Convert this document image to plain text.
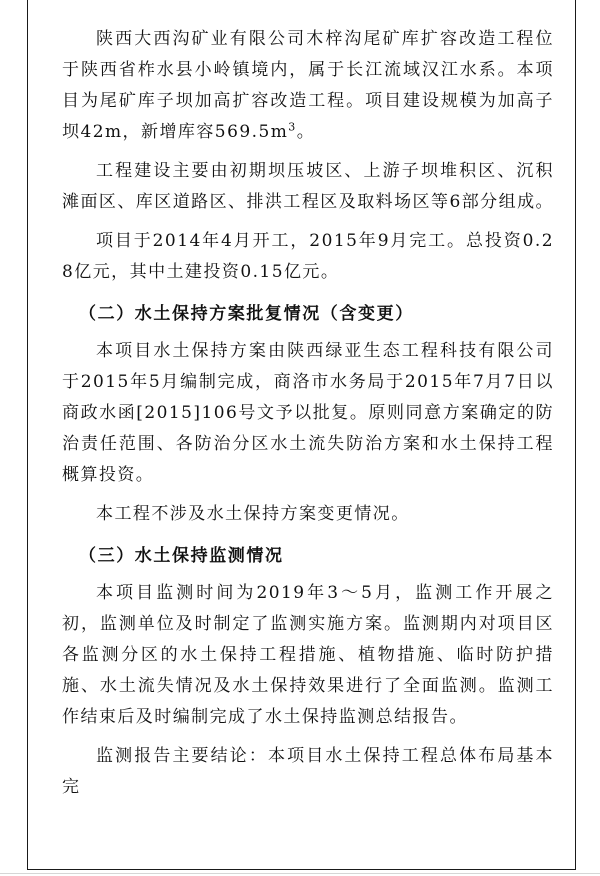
陕西大西沟矿业有限公司木梓沟尾矿库扩容改造工程位于陕西省柞水县小岭镇境内，属于长江流域汉江水系。本项目为尾矿库子坝加高扩容改造工程。项目建设规模为加高子坝42m，新增库容$569.5m^3$。

工程建设主要由初期坝压坡区、上游子坝堆积区、沉积滩面区、库区道路区、排洪工程区及取料场区等6部分组成。

项目于2014年4月开工，2015年9月完工。总投资0.28亿元，其中土建投资0.15亿元。

（二）水土保持方案批复情况（含变更）

本项目水土保持方案由陕西绿亚生态工程科技有限公司于2015年5月编制完成，商洛市水务局于2015年7月7日以商政水函[2015]106号文予以批复。原则同意方案确定的防治责任范围、各防治分区水土流失防治方案和水土保持工程概算投资。

本工程不涉及水土保持方案变更情况。

（三）水土保持监测情况

本项目监测时间为2019年3～5月，监测工作开展之初，监测单位及时制定了监测实施方案。监测期内对项目区各监测分区的水土保持工程措施、植物措施、临时防护措施、水土流失情况及水土保持效果进行了全面监测。监测工作结束后及时编制完成了水土保持监测总结报告。

监测报告主要结论：本项目水土保持工程总体布局基本完
